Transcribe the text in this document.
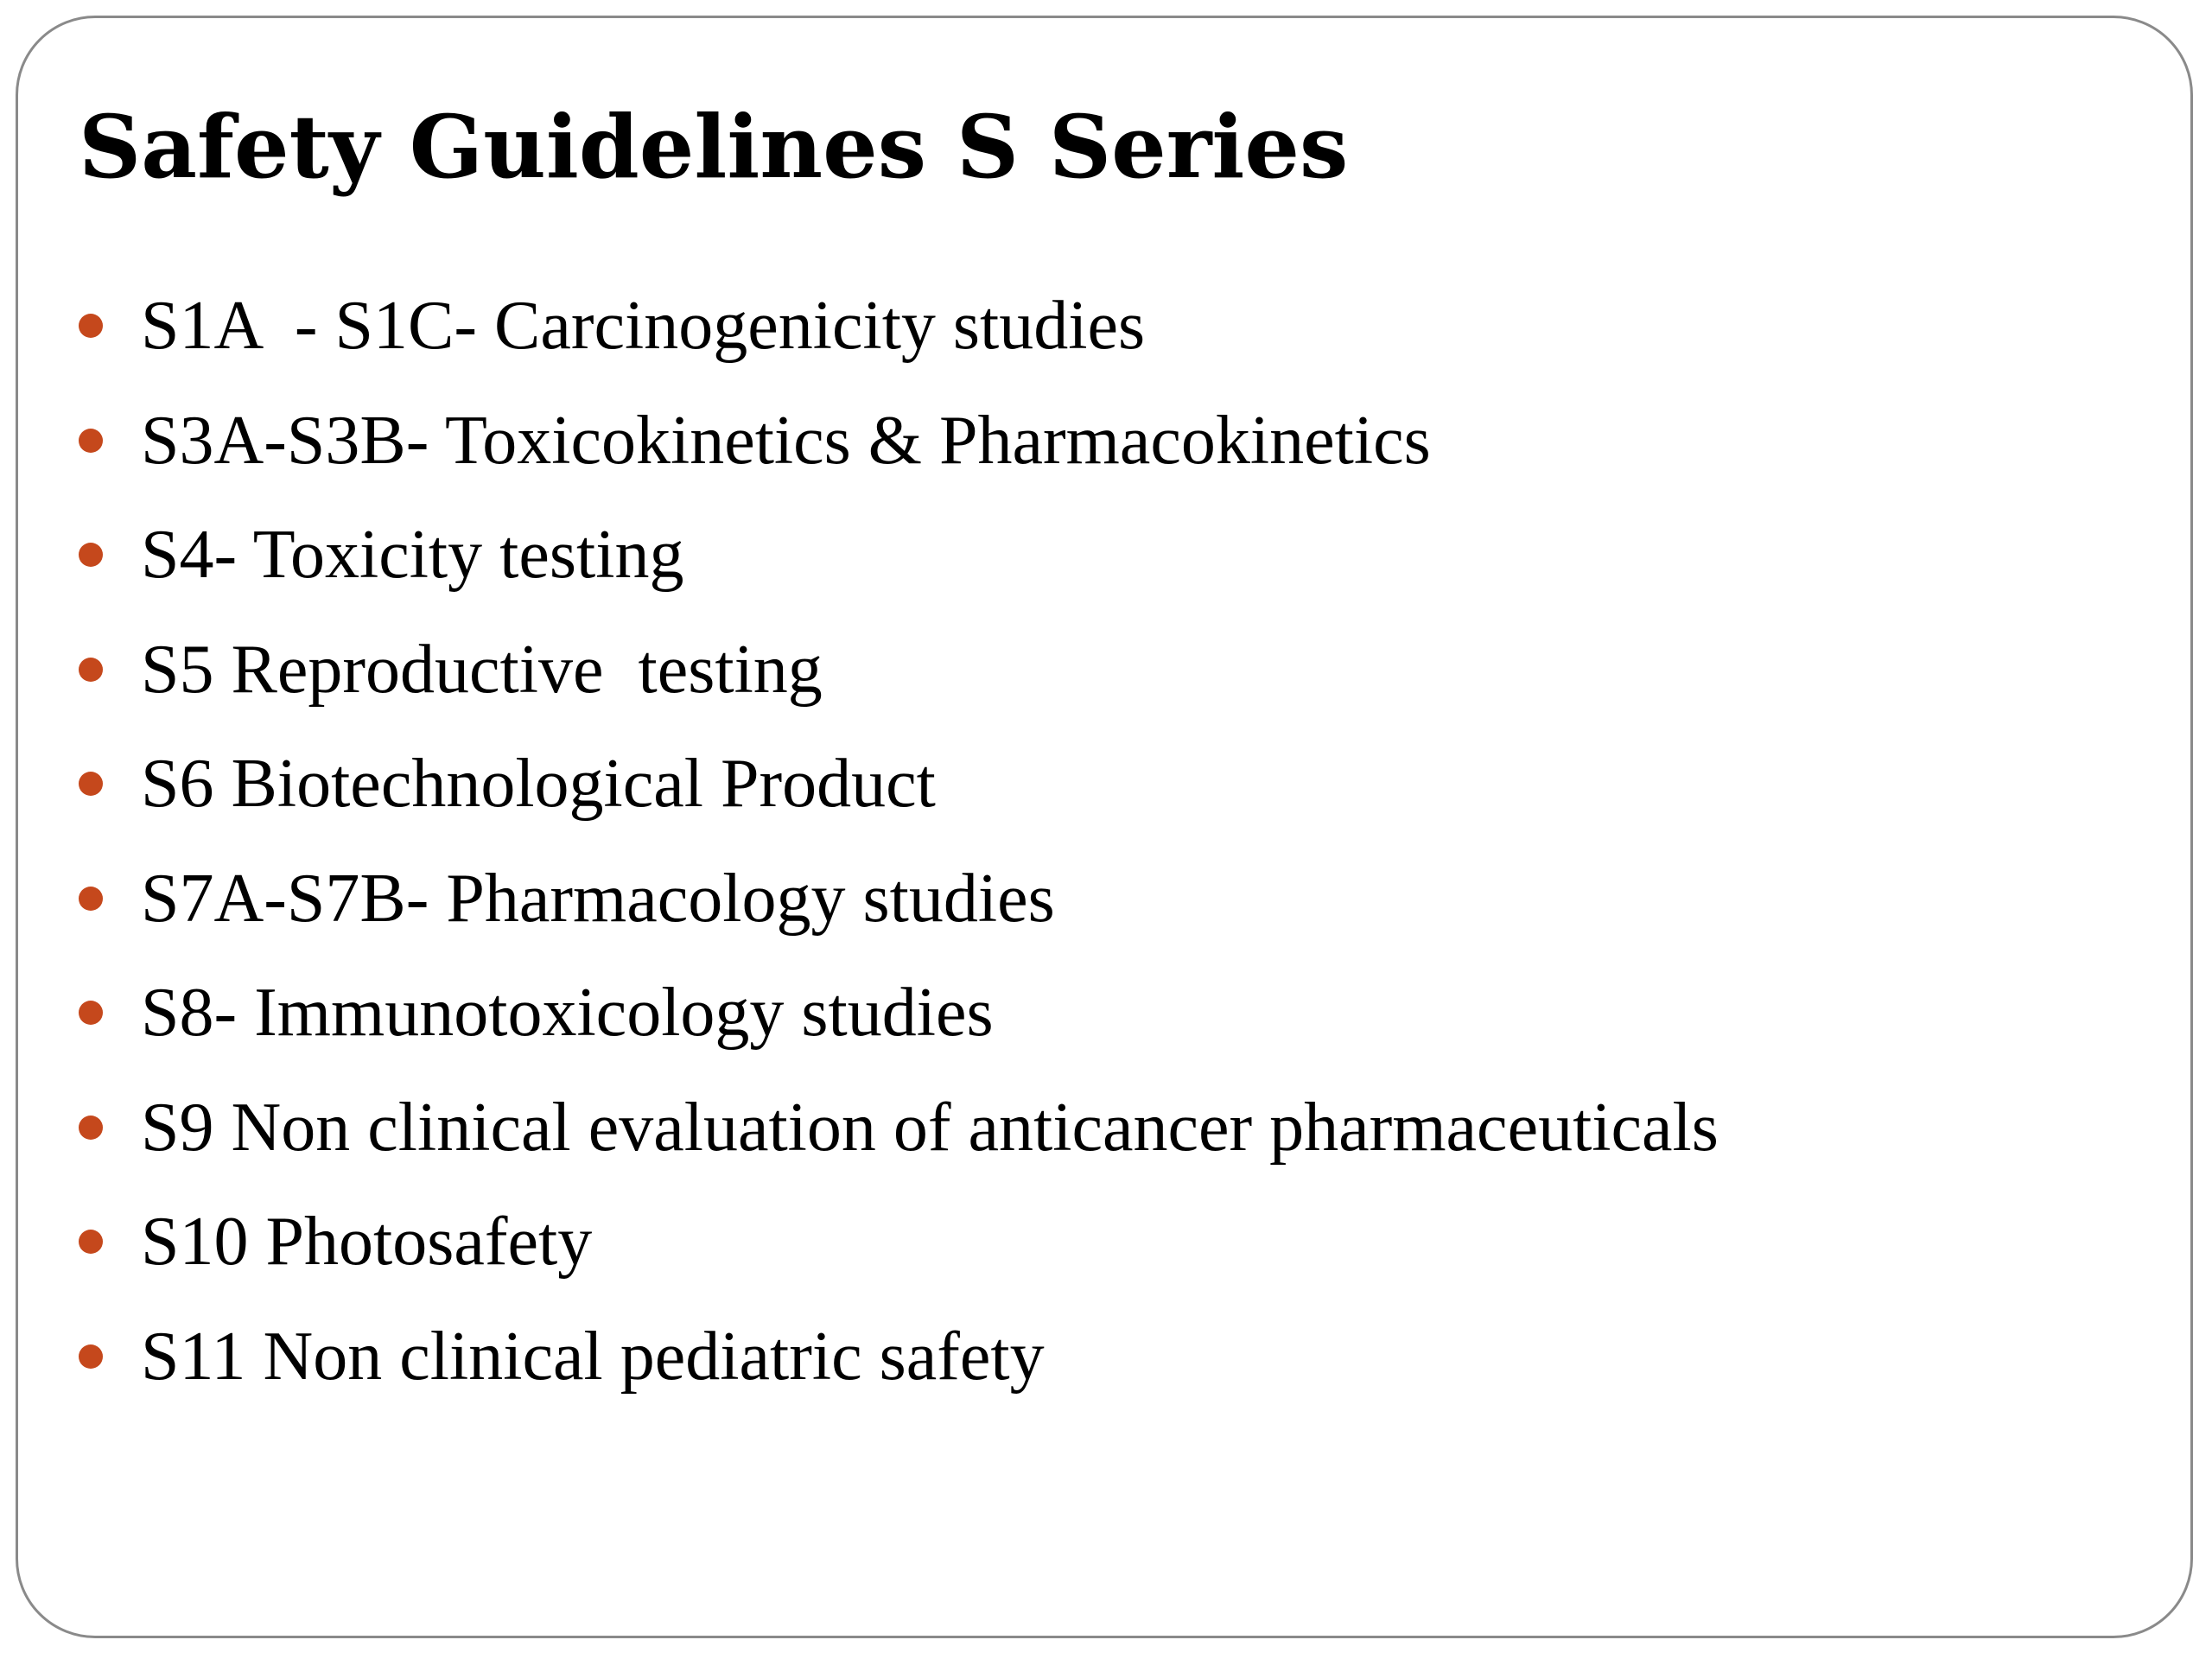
Safety Guidelines S Series
S1A  - S1C- Carcinogenicity studies
S3A-S3B- Toxicokinetics & Pharmacokinetics
S4- Toxicity testing
S5 Reproductive  testing
S6 Biotechnological Product
S7A-S7B- Pharmacology studies
S8- Immunotoxicology studies
S9 Non clinical evaluation of anticancer pharmaceuticals
S10 Photosafety
S11 Non clinical pediatric safety
